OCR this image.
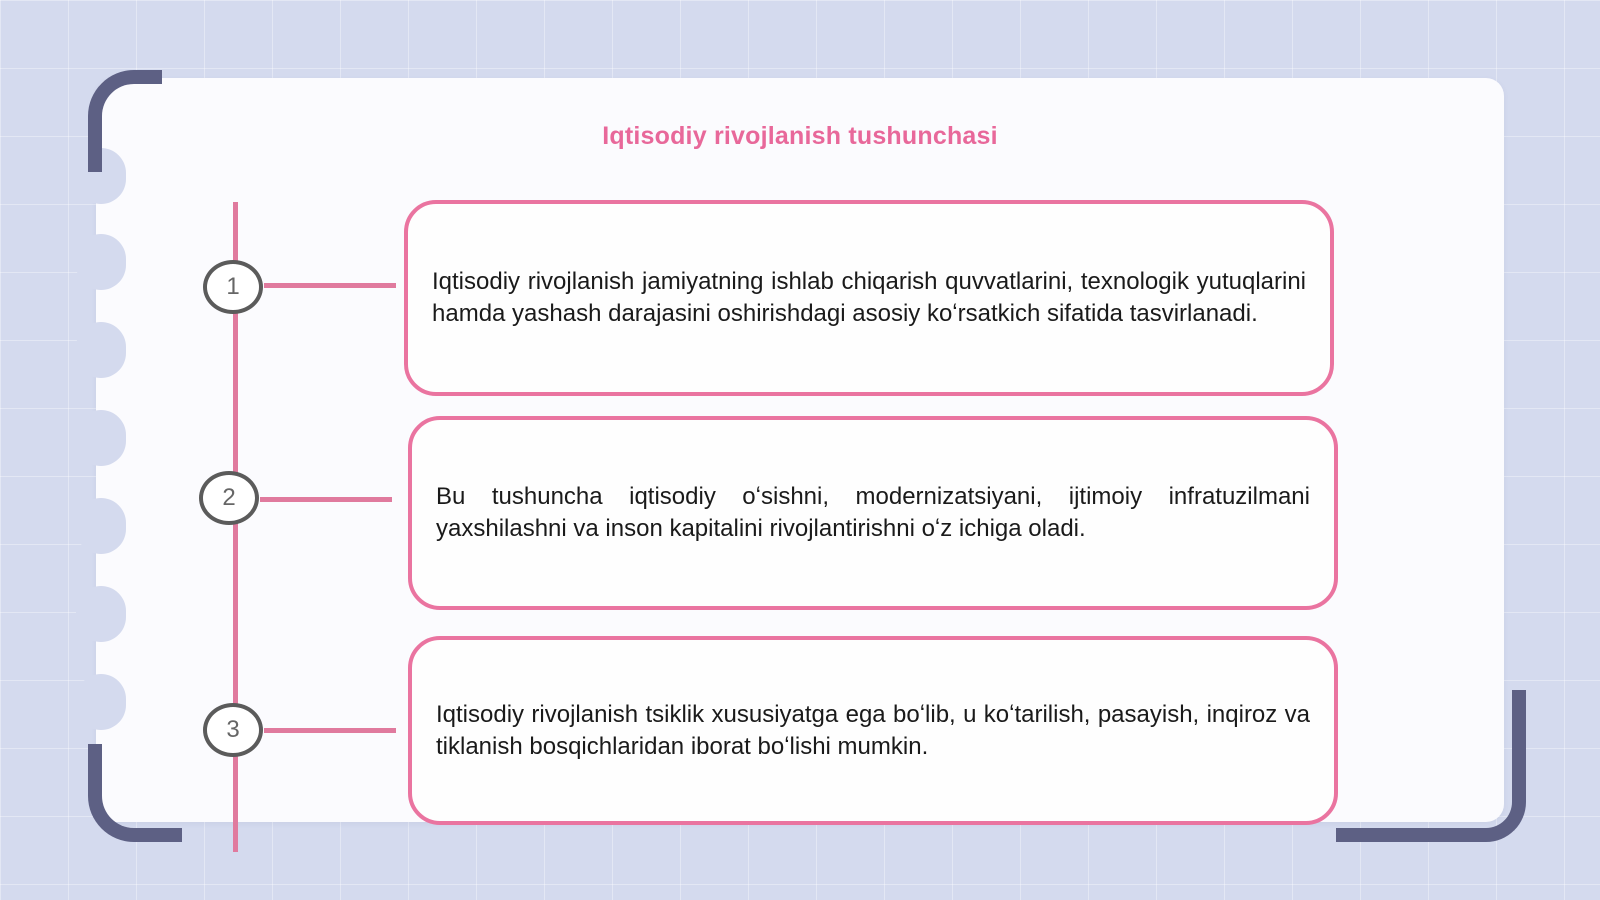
Iqtisodiy rivojlanish tushunchasi
1
2
3

Iqtisodiy rivojlanish jamiyatning ishlab chiqarish quvvatlarini, texnologik yutuqlarini hamda yashash darajasini oshirishdagi asosiy koʻrsatkich sifatida tasvirlanadi.

Bu tushuncha iqtisodiy oʻsishni, modernizatsiyani, ijtimoiy infratuzilmani yaxshilashni va inson kapitalini rivojlantirishni oʻz ichiga oladi.

Iqtisodiy rivojlanish tsiklik xususiyatga ega boʻlib, u koʻtarilish, pasayish, inqiroz va tiklanish bosqichlaridan iborat boʻlishi mumkin.
